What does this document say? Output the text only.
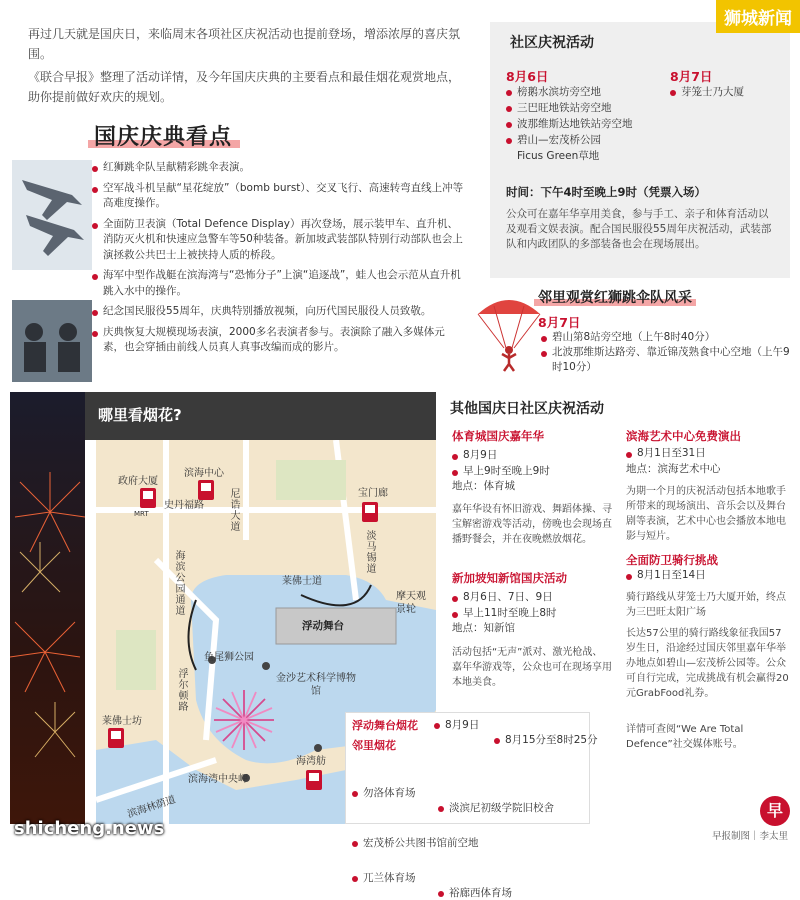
再过几天就是国庆日，来临周末各项社区庆祝活动也提前登场，增添浓厚的喜庆氛围。

《联合早报》整理了活动详情，及今年国庆庆典的主要看点和最佳烟花观赏地点，助你提前做好欢庆的规划。

国庆庆典看点
红狮跳伞队呈献精彩跳伞表演。
空军战斗机呈献“星花绽放”（bomb burst）、交叉飞行、高速转弯直线上冲等高难度操作。
全面防卫表演（Total Defence Display）再次登场，展示装甲车、直升机、消防灭火机和快速应急警车等50种装备。新加坡武装部队特别行动部队也会上演拯救公共巴士上被挟持人质的桥段。
海军中型作战艇在滨海湾与“恐怖分子”上演“追逐战”，蛙人也会示范从直升机跳入水中的操作。
纪念国民服役55周年，庆典特别播放视频，向历代国民服役人员致敬。
庆典恢复大规模现场表演，2000多名表演者参与。表演除了融入多媒体元素，也会穿插由前线人员真人真事改编而成的影片。
社区庆祝活动
8月6日
榜鹅水滨坊旁空地
三巴旺地铁站旁空地
波那维斯达地铁站旁空地
碧山—宏茂桥公园
Ficus Green草地
8月7日
芽笼士乃大厦
时间：下午4时至晚上9时（凭票入场）
公众可在嘉年华享用美食，参与手工、亲子和体育活动以及观看文娱表演。配合国民服役55周年庆祝活动，武装部队和内政团队的多部装备也会在现场展出。
狮城新闻
邻里观赏红狮跳伞队风采
8月7日
碧山第8站旁空地（上午8时40分）
北波那维斯达路旁、靠近锦茂熟食中心空地（上午9时10分）
哪里看烟花?
政府大厦
滨海中心
宝门廊
尼诰大道
史丹福路
海滨公园通道	莱佛士道
淡马锡道
摩天观景轮
浮动舞台
鱼尾狮公园
浮尔顿路	金沙艺术科学博物馆
莱佛士坊
海湾舫
滨海湾中央岬
滨海林荫道
MRT
浮动舞台烟花	8月9日
8月15分至8时25分
邻里烟花
勿洛体育场
淡滨尼初级学院旧校舍
宏茂桥公共图书馆前空地
兀兰体育场
裕廊西体育场
其他国庆日社区庆祝活动
体育城国庆嘉年华
8月9日
早上9时至晚上9时
地点：体育城
嘉年华设有怀旧游戏、舞蹈体操、寻宝解密游戏等活动，傍晚也会现场直播野餐会，并在夜晚燃放烟花。
新加坡知新馆国庆活动
8月6日、7日、9日
早上11时至晚上8时
地点：知新馆
活动包括“无声”派对、激光枪战、嘉年华游戏等，公众也可在现场享用本地美食。
滨海艺术中心免费演出
8月1日至31日
地点：滨海艺术中心
为期一个月的庆祝活动包括本地歌手所带来的现场演出、音乐会以及舞台剧等表演，艺术中心也会播放本地电影与短片。
全面防卫骑行挑战
8月1日至14日
骑行路线从芽笼士乃大厦开始，终点为三巴旺太阳广场
长达57公里的骑行路线象征我国57岁生日，沿途经过国庆邻里嘉年华举办地点如碧山—宏茂桥公园等。公众可自行完成，完成挑战有机会赢得20元GrabFood礼券。
详情可查阅“We Are Total Defence”社交媒体账号。
早
早报制图｜李太里
shicheng.news
